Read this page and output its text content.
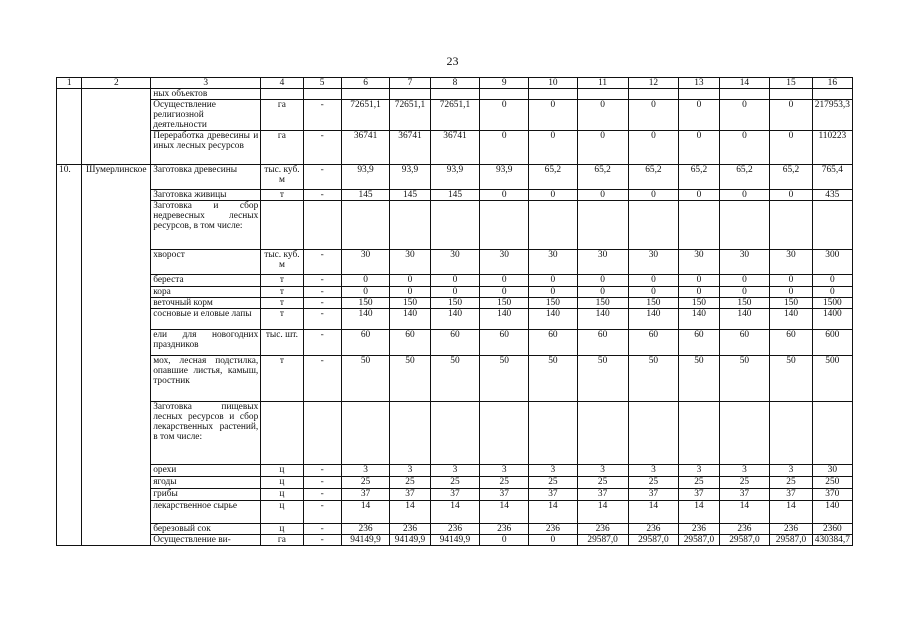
23
1	2	3	4	5	6	7	8	9	10	11	12	13	14	15	16
		ных объектов													
		Осуществление религиозной деятельности	га	-	72651,1	72651,1	72651,1	0	0	0	0	0	0	0	217953,3
		Переработка древесины и иных лесных ресурсов	га	-	36741	36741	36741	0	0	0	0	0	0	0	110223
10.	Шумерлинское	Заготовка древесины	тыс. куб. м	-	93,9	93,9	93,9	93,9	65,2	65,2	65,2	65,2	65,2	65,2	765,4
		Заготовка живицы	т	-	145	145	145	0	0	0	0	0	0	0	435
		Заготовка и сбор недревесных лесных ресурсов, в том числе:													
		хворост	тыс. куб. м	-	30	30	30	30	30	30	30	30	30	30	300
		береста	т	-	0	0	0	0	0	0	0	0	0	0	0
		кора	т	-	0	0	0	0	0	0	0	0	0	0	0
		веточный корм	т	-	150	150	150	150	150	150	150	150	150	150	1500
		сосновые и еловые лапы	т	-	140	140	140	140	140	140	140	140	140	140	1400
		ели для новогодних праздников	тыс. шт.	-	60	60	60	60	60	60	60	60	60	60	600
		мох, лесная подстилка, опавшие листья, камыш, тростник	т	-	50	50	50	50	50	50	50	50	50	50	500
		Заготовка пищевых лесных ресурсов и сбор лекарственных растений, в том числе:													
		орехи	ц	-	3	3	3	3	3	3	3	3	3	3	30
		ягоды	ц	-	25	25	25	25	25	25	25	25	25	25	250
		грибы	ц	-	37	37	37	37	37	37	37	37	37	37	370
		лекарственное сырье	ц	-	14	14	14	14	14	14	14	14	14	14	140
		березовый сок	ц	-	236	236	236	236	236	236	236	236	236	236	2360
		Осуществление ви-	га	-	94149,9	94149,9	94149,9	0	0	29587,0	29587,0	29587,0	29587,0	29587,0	430384,7
